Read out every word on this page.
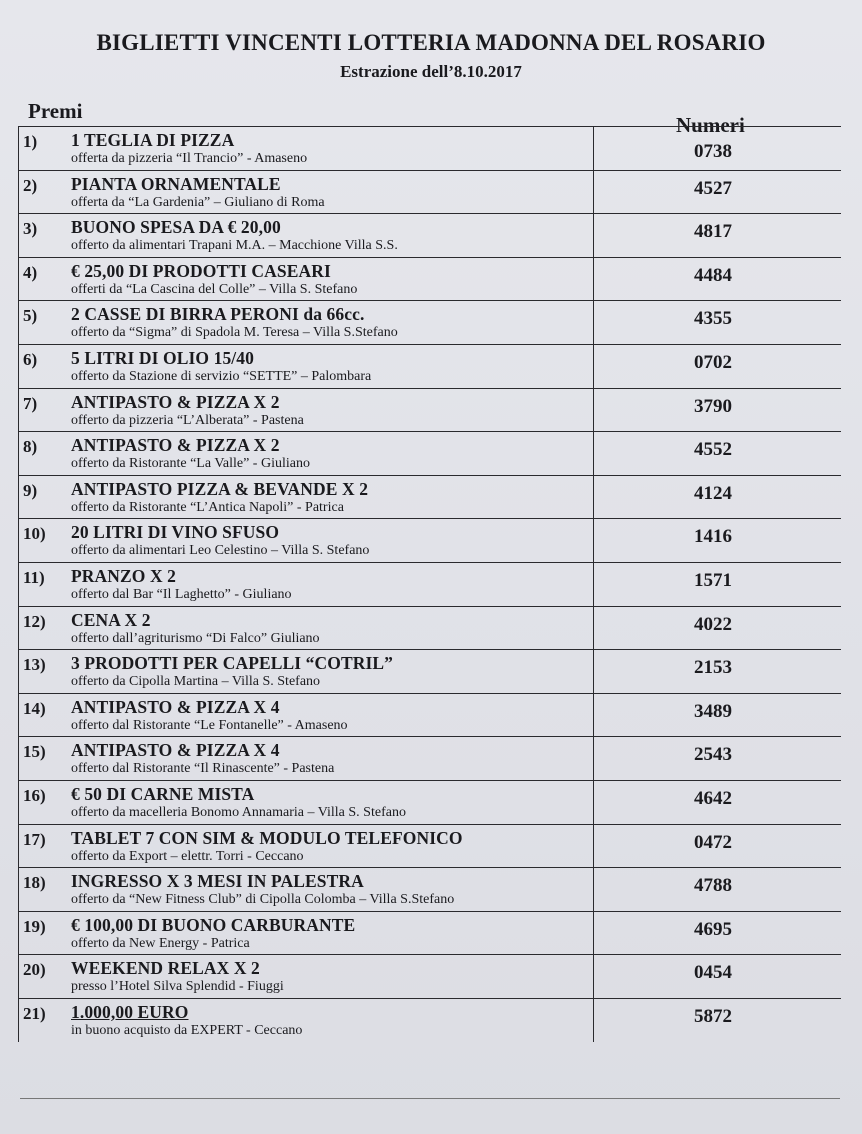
BIGLIETTI VINCENTI LOTTERIA MADONNA DEL ROSARIO
Estrazione dell’8.10.2017
Premi
Numeri
1)	1 TEGLIA DI PIZZA
offerta da pizzeria “Il Trancio” - Amaseno	0738
2)	PIANTA ORNAMENTALE
offerta da “La Gardenia” – Giuliano di Roma
4527
3)	BUONO SPESA DA € 20,00
offerto da alimentari Trapani M.A. – Macchione Villa S.S.
4817
4)	€ 25,00 DI PRODOTTI CASEARI
offerti da “La Cascina del Colle” – Villa S. Stefano
4484
5)	2 CASSE DI BIRRA PERONI da 66cc.
offerto da “Sigma” di Spadola M. Teresa – Villa S.Stefano
4355
6)	5 LITRI DI OLIO 15/40
offerto da Stazione di servizio “SETTE” – Palombara
0702
7)	ANTIPASTO & PIZZA X 2
offerto da pizzeria “L’Alberata” - Pastena
3790
8)	ANTIPASTO & PIZZA X 2
offerto da Ristorante “La Valle” - Giuliano
4552
9)	ANTIPASTO PIZZA & BEVANDE X 2
offerto da Ristorante “L’Antica Napoli” - Patrica
4124
10)	20 LITRI DI VINO SFUSO
offerto da alimentari Leo Celestino – Villa S. Stefano
1416
11)	PRANZO X 2
offerto dal Bar “Il Laghetto” - Giuliano
1571
12)	CENA X 2
offerto dall’agriturismo “Di Falco” Giuliano
4022
13)	3 PRODOTTI PER CAPELLI “COTRIL”
offerto da Cipolla Martina – Villa S. Stefano
2153
14)	ANTIPASTO & PIZZA X 4
offerto dal Ristorante “Le Fontanelle” - Amaseno
3489
15)	ANTIPASTO & PIZZA X 4
offerto dal Ristorante “Il Rinascente” - Pastena
2543
16)	€ 50 DI CARNE MISTA
offerto da macelleria Bonomo Annamaria – Villa S. Stefano
4642
17)	TABLET 7 CON SIM & MODULO TELEFONICO
offerto da Export – elettr. Torri - Ceccano
0472
18)	INGRESSO X 3 MESI IN PALESTRA
offerto da “New Fitness Club” di Cipolla Colomba – Villa S.Stefano
4788
19)	€ 100,00 DI BUONO CARBURANTE
offerto da New Energy - Patrica
4695
20)	WEEKEND RELAX X 2
presso l’Hotel Silva Splendid - Fiuggi
0454
21)	1.000,00 EURO
in buono acquisto da EXPERT - Ceccano
5872
